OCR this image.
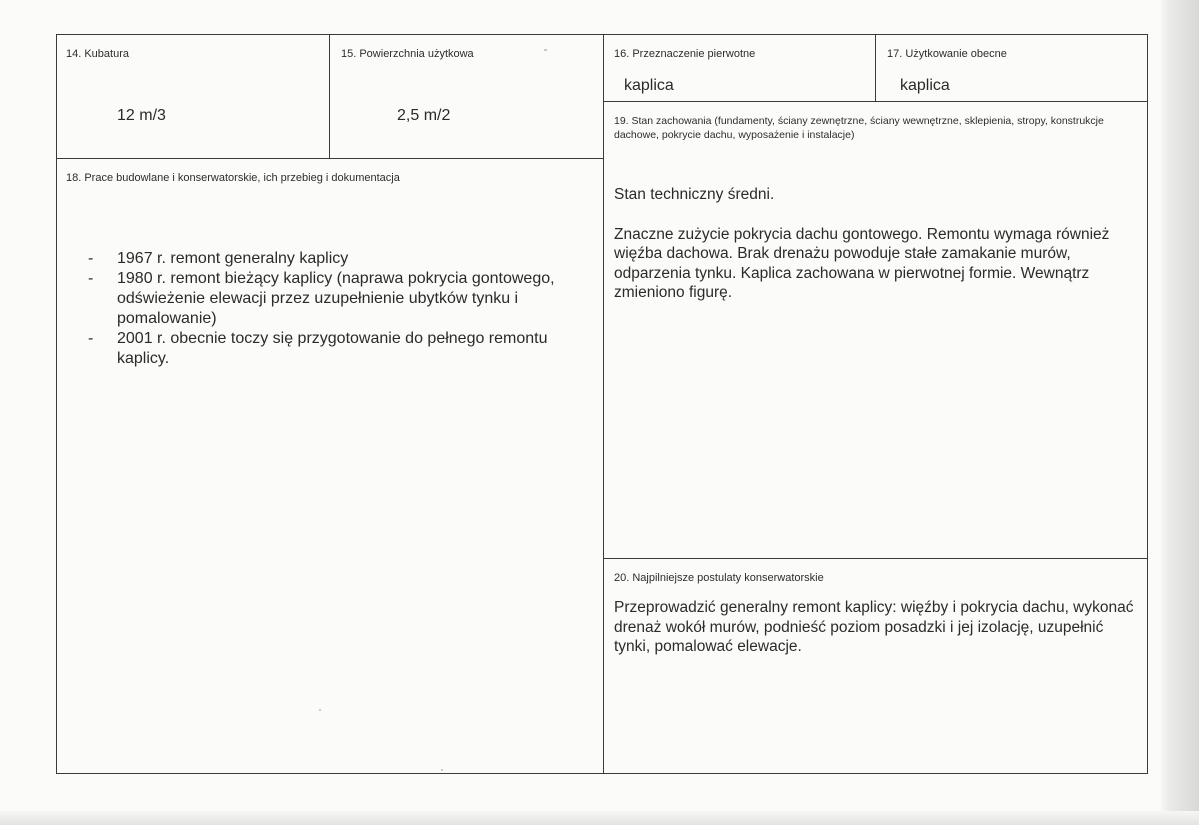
14. Kubatura
12 m/3
15. Powierzchnia użytkowa
2,5 m/2
16. Przeznaczenie pierwotne
kaplica
17. Użytkowanie obecne
kaplica
18. Prace budowlane i konserwatorskie, ich przebieg i dokumentacja
- 1967 r. remont generalny kaplicy
- 1980 r. remont bieżący kaplicy (naprawa pokrycia gontowego, odświeżenie elewacji przez uzupełnienie ubytków tynku i pomalowanie)
- 2001 r. obecnie toczy się przygotowanie do pełnego remontu kaplicy.
19. Stan zachowania (fundamenty, ściany zewnętrzne, ściany wewnętrzne, sklepienia, stropy, konstrukcje dachowe, pokrycie dachu, wyposażenie i instalacje)

Stan techniczny średni.

Znaczne zużycie pokrycia dachu gontowego. Remontu wymaga również więźba dachowa. Brak drenażu powoduje stałe zamakanie murów, odparzenia tynku. Kaplica zachowana w pierwotnej formie. Wewnątrz zmieniono figurę.

20. Najpilniejsze postulaty konserwatorskie
Przeprowadzić generalny remont kaplicy: więźby i pokrycia dachu, wykonać drenaż wokół murów, podnieść poziom posadzki i jej izolację, uzupełnić tynki, pomalować elewacje.
